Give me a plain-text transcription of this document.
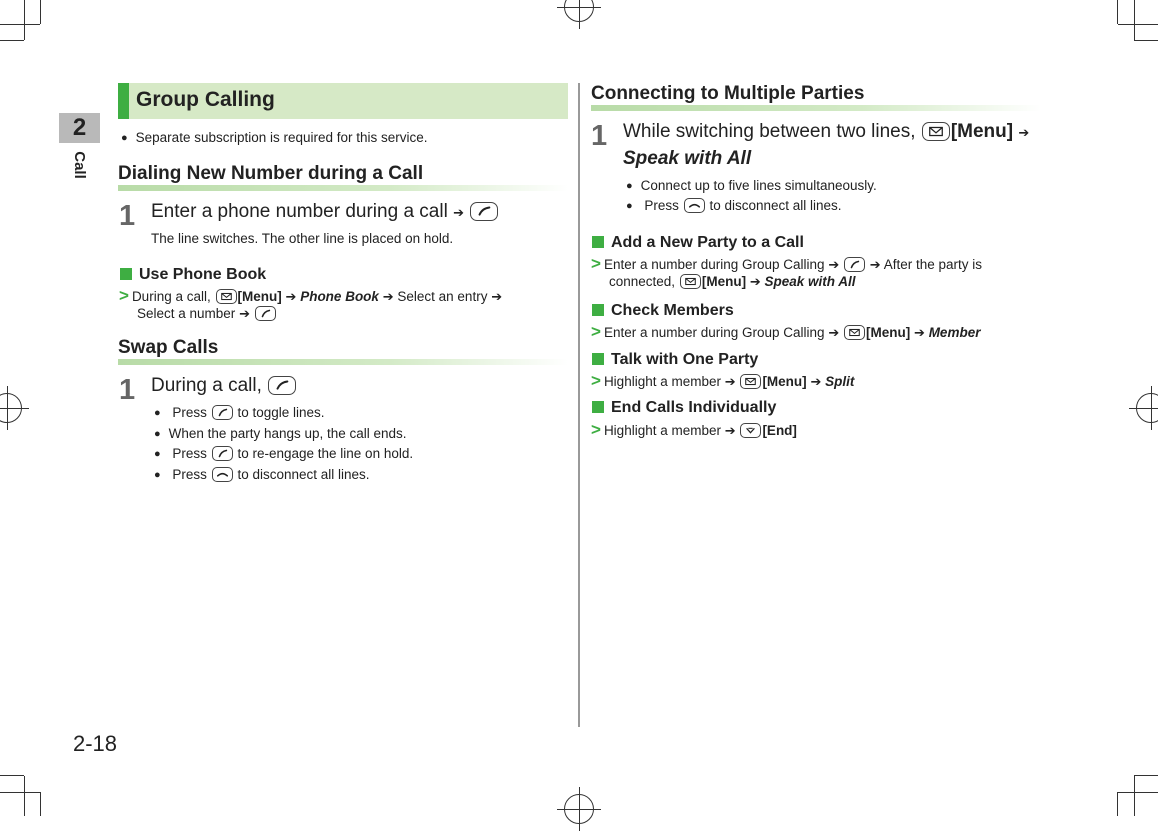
2
Call
2-18
Group Calling
● Separate subscription is required for this service.
Dialing New Number during a Call
1 Enter a phone number during a call ➔
The line switches. The other line is placed on hold.
Use Phone Book
> During a call, [Menu] ➔ Phone Book ➔ Select an entry ➔
Select a number ➔
Swap Calls
1 During a call,
● Press to toggle lines.
● When the party hangs up, the call ends.
● Press to re-engage the line on hold.
● Press to disconnect all lines.
Connecting to Multiple Parties
1 While switching between two lines, [Menu] ➔
Speak with All
● Connect up to five lines simultaneously.
● Press to disconnect all lines.
Add a New Party to a Call
> Enter a number during Group Calling ➔ ➔ After the party is
connected, [Menu] ➔ Speak with All
Check Members
> Enter a number during Group Calling ➔ [Menu] ➔ Member
Talk with One Party
> Highlight a member ➔ [Menu] ➔ Split
End Calls Individually
> Highlight a member ➔ [End]
